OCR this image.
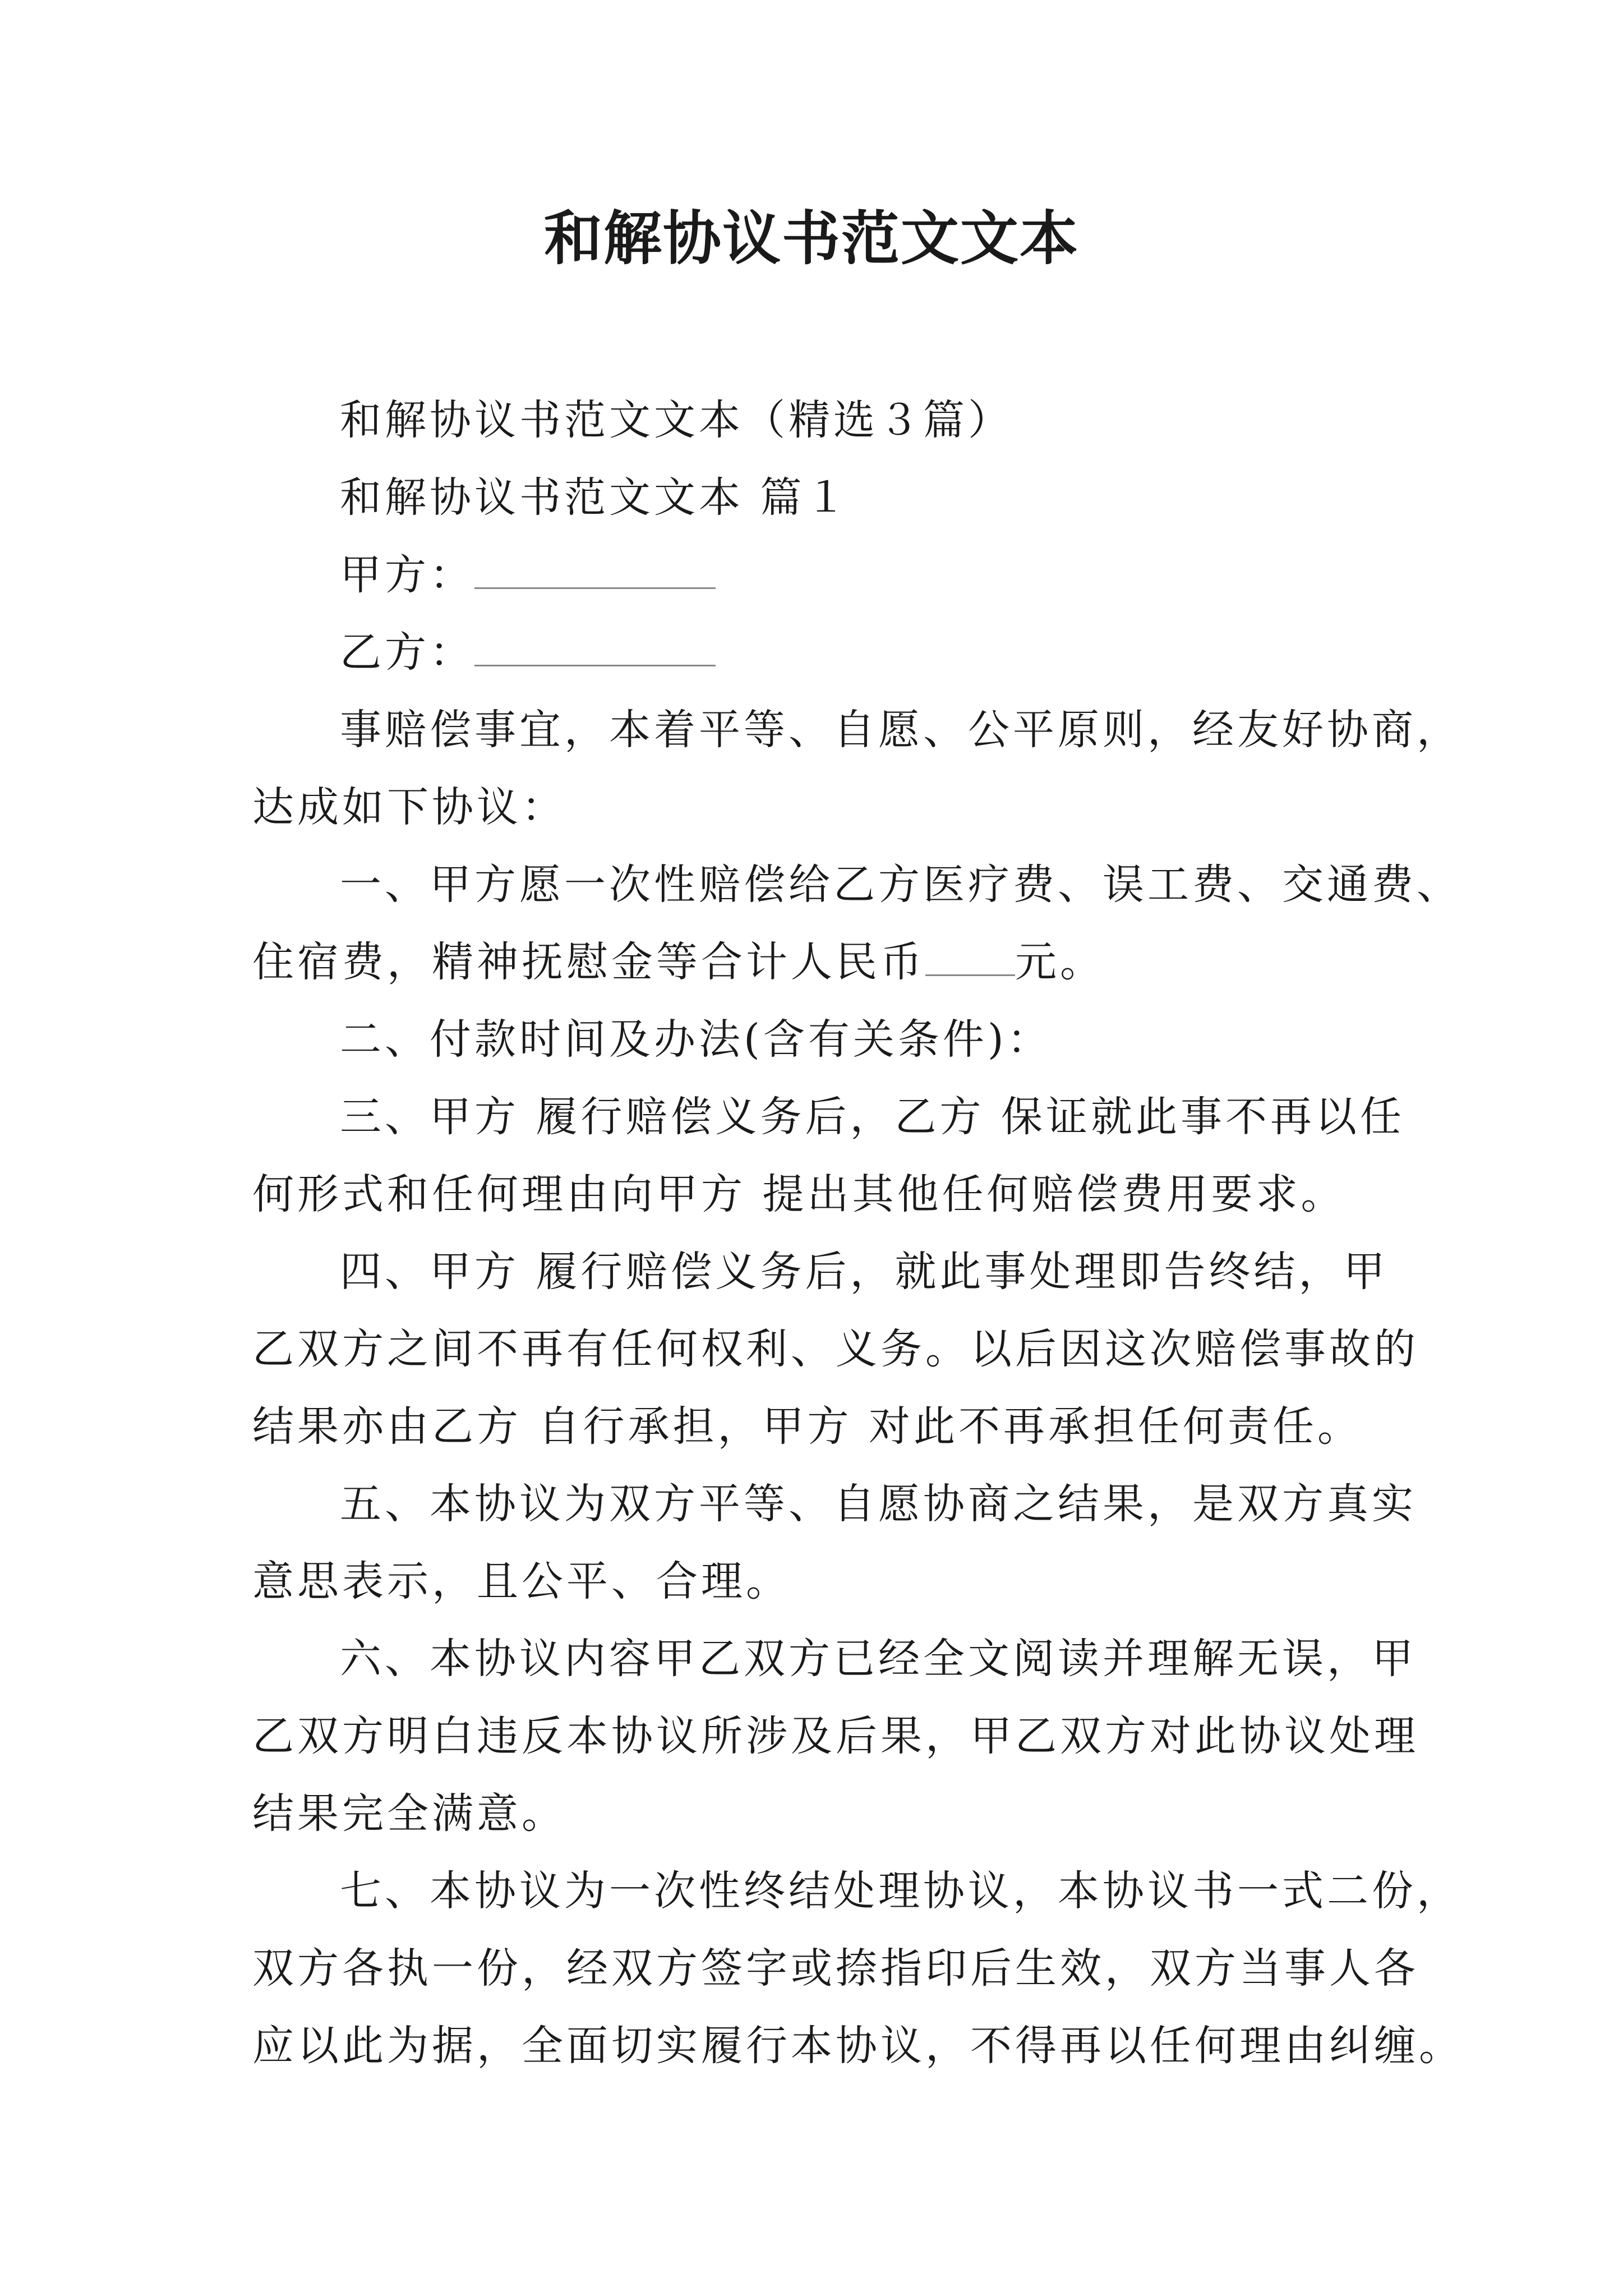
和解协议书范文文本
和解协议书范文文本（精选３篇）
和解协议书范文文本 篇１
甲方：
乙方：
事赔偿事宜，本着平等、自愿、公平原则，经友好协商，
达成如下协议：
一、甲方愿一次性赔偿给乙方医疗费、误工费、交通费、
住宿费，精神抚慰金等合计人民币 元。
二、付款时间及办法(含有关条件)：
三、甲方 履行赔偿义务后，乙方 保证就此事不再以任
何形式和任何理由向甲方 提出其他任何赔偿费用要求。
四、甲方 履行赔偿义务后，就此事处理即告终结，甲
乙双方之间不再有任何权利、义务。以后因这次赔偿事故的
结果亦由乙方 自行承担，甲方 对此不再承担任何责任。
五、本协议为双方平等、自愿协商之结果，是双方真实
意思表示，且公平、合理。
六、本协议内容甲乙双方已经全文阅读并理解无误，甲
乙双方明白违反本协议所涉及后果，甲乙双方对此协议处理
结果完全满意。
七、本协议为一次性终结处理协议，本协议书一式二份，
双方各执一份，经双方签字或捺指印后生效，双方当事人各
应以此为据，全面切实履行本协议，不得再以任何理由纠缠。
